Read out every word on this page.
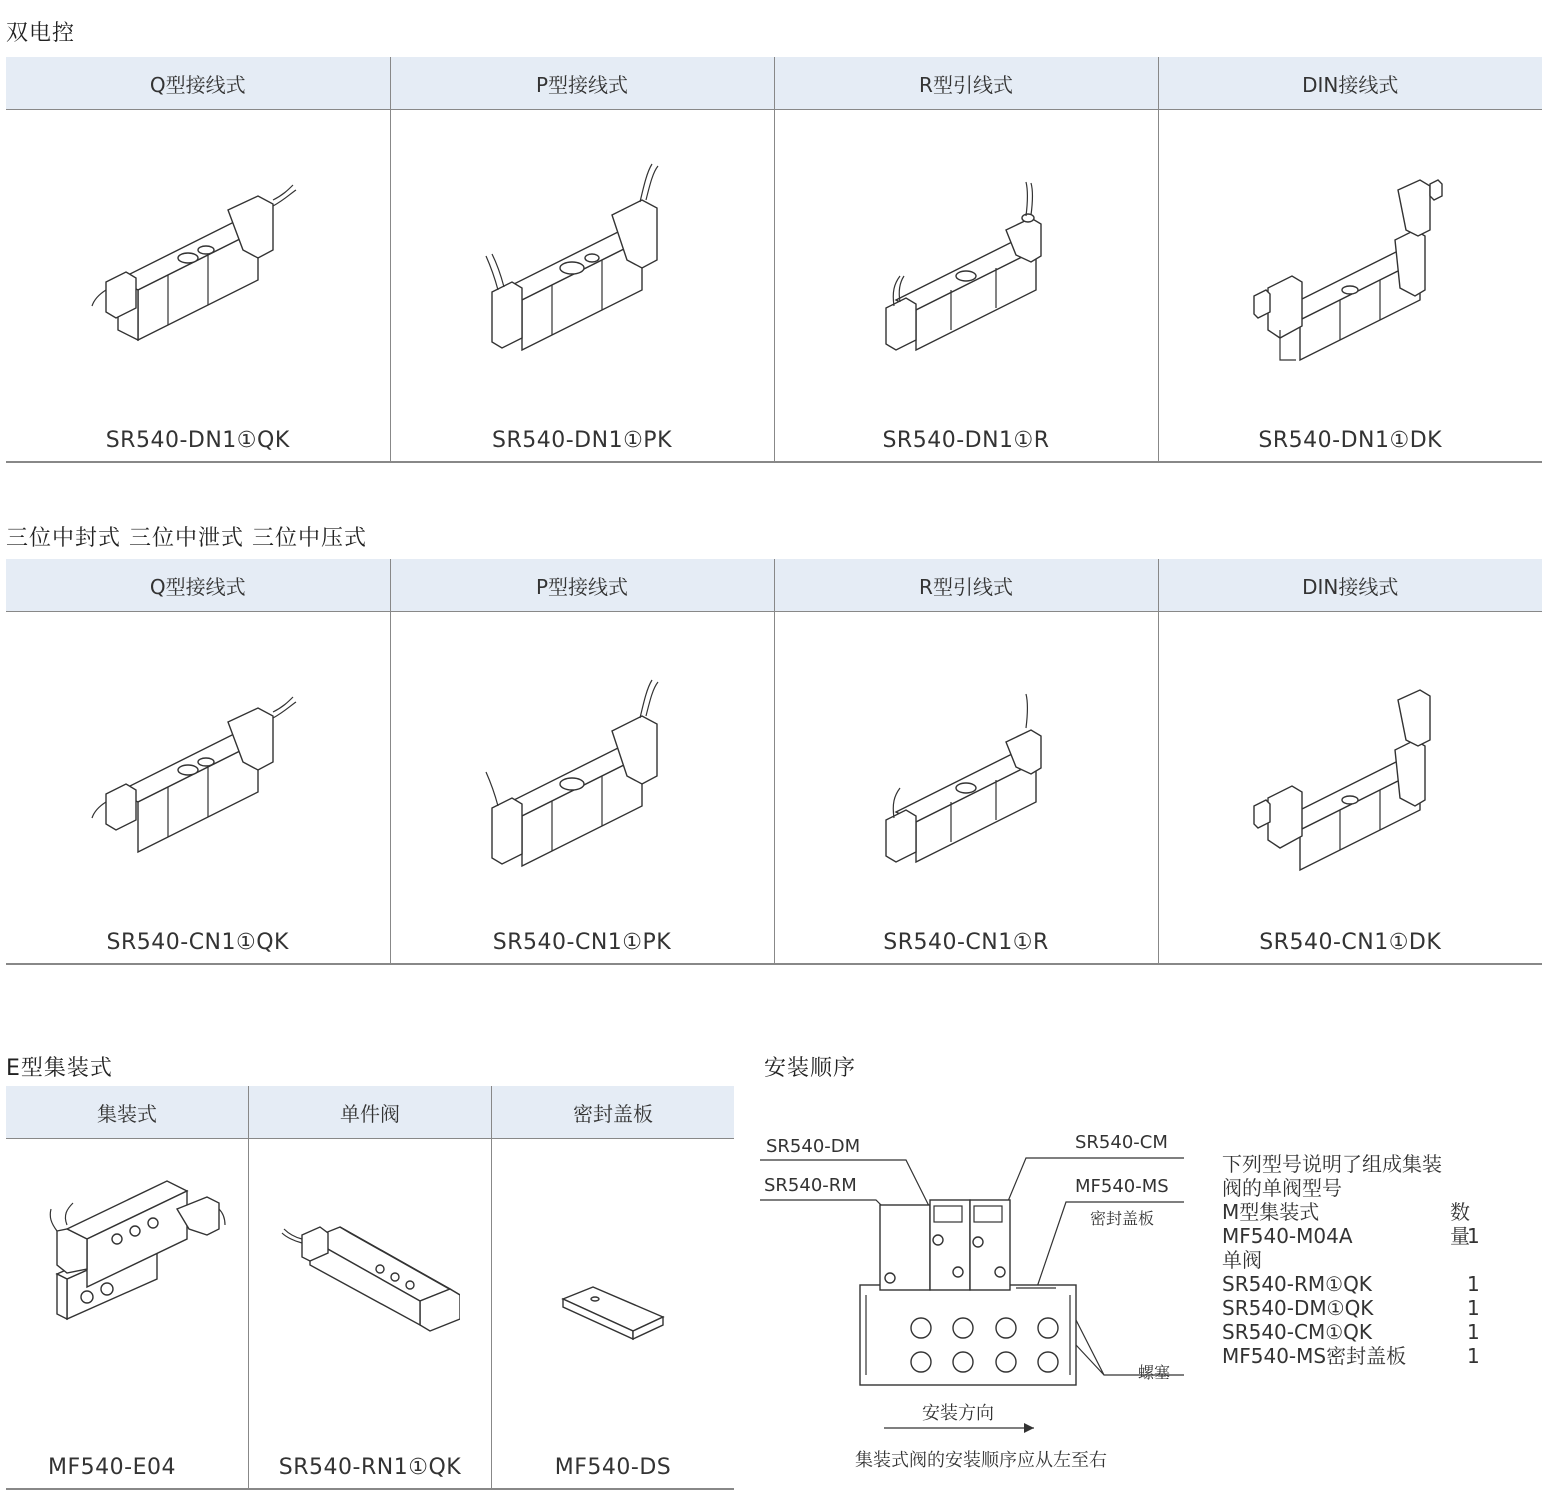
双电控
Q型接线式	P型接线式	R型引线式	DIN接线式

SR540-DN1①QK	SR540-DN1①PK	SR540-DN1①R	SR540-DN1①DK
三位中封式 三位中泄式 三位中压式
Q型接线式	P型接线式	R型引线式	DIN接线式

SR540-CN1①QK	SR540-CN1①PK	SR540-CN1①R	SR540-CN1①DK
E型集装式
集装式	单件阀	密封盖板

MF540-E04	SR540-RN1①QK	MF540-DS
安装顺序
SR540-DM
SR540-RM
SR540-CM
MF540-MS
密封盖板
螺塞
安装方向
集装式阀的安装顺序应从左至右
下列型号说明了组成集装
阀的单阀型号
M型集装式	数量
MF540-M04A	1
单阀
SR540-RM①QK	1
SR540-DM①QK	1
SR540-CM①QK	1
MF540-MS密封盖板	1
